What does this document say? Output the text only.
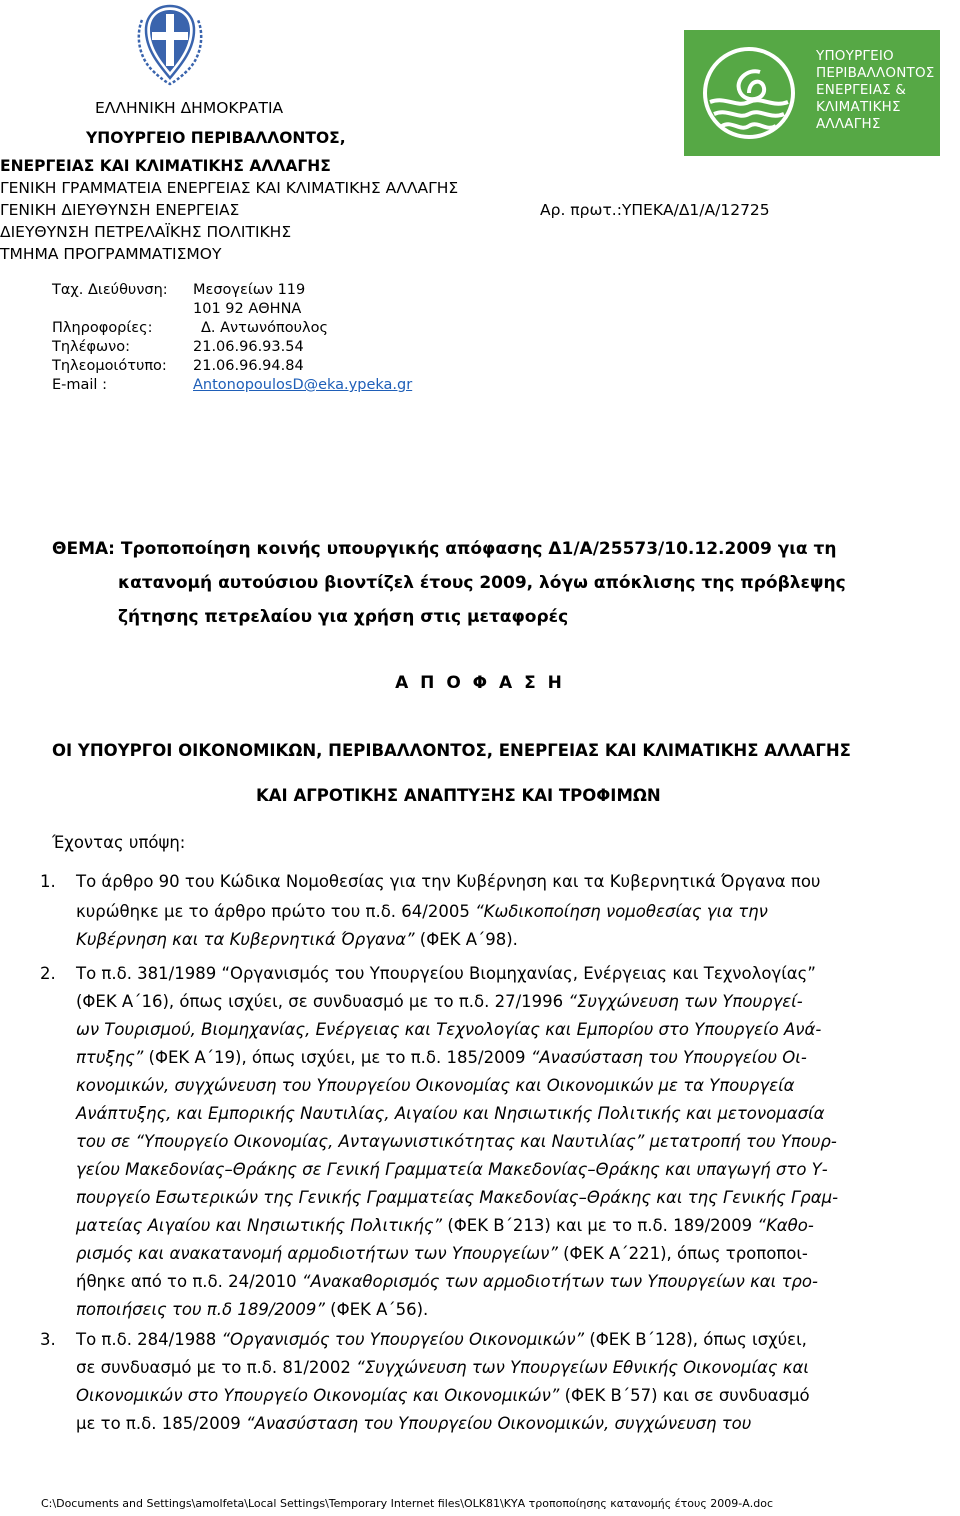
ΕΛΛΗΝΙΚΗ ΔΗΜΟΚΡΑΤΙΑ
ΥΠΟΥΡΓΕΙΟ ΠΕΡΙΒΑΛΛΟΝΤΟΣ,
ΕΝΕΡΓΕΙΑΣ ΚΑΙ ΚΛΙΜΑΤΙΚΗΣ ΑΛΛΑΓΗΣ
ΓΕΝΙΚΗ ΓΡΑΜΜΑΤΕΙΑ ΕΝΕΡΓΕΙΑΣ ΚΑΙ ΚΛΙΜΑΤΙΚΗΣ ΑΛΛΑΓΗΣ
ΓΕΝΙΚΗ ΔΙΕΥΘΥΝΣΗ ΕΝΕΡΓΕΙΑΣ
ΔΙΕΥΘΥΝΣΗ ΠΕΤΡΕΛΑΪΚΗΣ ΠΟΛΙΤΙΚΗΣ
ΤΜΗΜΑ ΠΡΟΓΡΑΜΜΑΤΙΣΜΟΥ
ΥΠΟΥΡΓΕΙΟ
ΠΕΡΙΒΑΛΛΟΝΤΟΣ
ΕΝΕΡΓΕΙΑΣ &
ΚΛΙΜΑΤΙΚΗΣ
ΑΛΛΑΓΗΣ
Αρ. πρωτ.:ΥΠΕΚΑ/Δ1/Α/12725
Ταχ. Διεύθυνση: Μεσογείων 119
101 92 ΑΘΗΝΑ
Πληροφορίες:	Δ. Αντωνόπουλος
Τηλέφωνο:	21.06.96.93.54
Τηλεομοιότυπο: 21.06.96.94.84
E-mail :	AntonopoulosD@eka.ypeka.gr
ΘΕΜΑ: Τροποποίηση κοινής υπουργικής απόφασης Δ1/Α/25573/10.12.2009 για τη
κατανομή αυτούσιου βιοντίζελ έτους 2009, λόγω απόκλισης της πρόβλεψης
ζήτησης πετρελαίου για χρήση στις μεταφορές
Α Π Ο Φ Α Σ Η
ΟΙ ΥΠΟΥΡΓΟΙ ΟΙΚΟΝΟΜΙΚΩΝ, ΠΕΡΙΒΑΛΛΟΝΤΟΣ, ΕΝΕΡΓΕΙΑΣ ΚΑΙ ΚΛΙΜΑΤΙΚΗΣ ΑΛΛΑΓΗΣ
ΚΑΙ ΑΓΡΟΤΙΚΗΣ ΑΝΑΠΤΥΞΗΣ ΚΑΙ ΤΡΟΦΙΜΩΝ
Έχοντας υπόψη:
1. Το άρθρο 90 του Κώδικα Νομοθεσίας για την Κυβέρνηση και τα Κυβερνητικά Όργανα που
κυρώθηκε με το άρθρο πρώτο του π.δ. 64/2005 “Κωδικοποίηση νομοθεσίας για την
Κυβέρνηση και τα Κυβερνητικά Όργανα” (ΦΕΚ Α΄98).
2. Το π.δ. 381/1989 “Οργανισμός του Υπουργείου Βιομηχανίας, Ενέργειας και Τεχνολογίας”
(ΦΕΚ Α΄16), όπως ισχύει, σε συνδυασμό με το π.δ. 27/1996 “Συγχώνευση των Υπουργεί-
ων Τουρισμού, Βιομηχανίας, Ενέργειας και Τεχνολογίας και Εμπορίου στο Υπουργείο Ανά-
πτυξης” (ΦΕΚ Α΄19), όπως ισχύει, με το π.δ. 185/2009 “Ανασύσταση του Υπουργείου Οι-
κονομικών, συγχώνευση του Υπουργείου Οικονομίας και Οικονομικών με τα Υπουργεία
Ανάπτυξης, και Εμπορικής Ναυτιλίας, Αιγαίου και Νησιωτικής Πολιτικής και μετονομασία
του σε “Υπουργείο Οικονομίας, Ανταγωνιστικότητας και Ναυτιλίας” μετατροπή του Υπουρ-
γείου Μακεδονίας–Θράκης σε Γενική Γραμματεία Μακεδονίας–Θράκης και υπαγωγή στο Υ-
πουργείο Εσωτερικών της Γενικής Γραμματείας Μακεδονίας–Θράκης και της Γενικής Γραμ-
ματείας Αιγαίου και Νησιωτικής Πολιτικής” (ΦΕΚ Β΄213) και με το π.δ. 189/2009 “Καθο-
ρισμός και ανακατανομή αρμοδιοτήτων των Υπουργείων” (ΦΕΚ Α΄221), όπως τροποποι-
ήθηκε από το π.δ. 24/2010 “Ανακαθορισμός των αρμοδιοτήτων των Υπουργείων και τρο-
ποποιήσεις του π.δ 189/2009” (ΦΕΚ Α΄56).
3. Το π.δ. 284/1988 “Οργανισμός του Υπουργείου Οικονομικών” (ΦΕΚ Β΄128), όπως ισχύει,
σε συνδυασμό με το π.δ. 81/2002 “Συγχώνευση των Υπουργείων Εθνικής Οικονομίας και
Οικονομικών στο Υπουργείο Οικονομίας και Οικονομικών” (ΦΕΚ Β΄57) και σε συνδυασμό
με το π.δ. 185/2009 “Ανασύσταση του Υπουργείου Οικονομικών, συγχώνευση του
C:\Documents and Settings\amolfeta\Local Settings\Temporary Internet files\OLK81\ΚΥΑ τροποποίησης κατανομής έτους 2009-Α.doc
